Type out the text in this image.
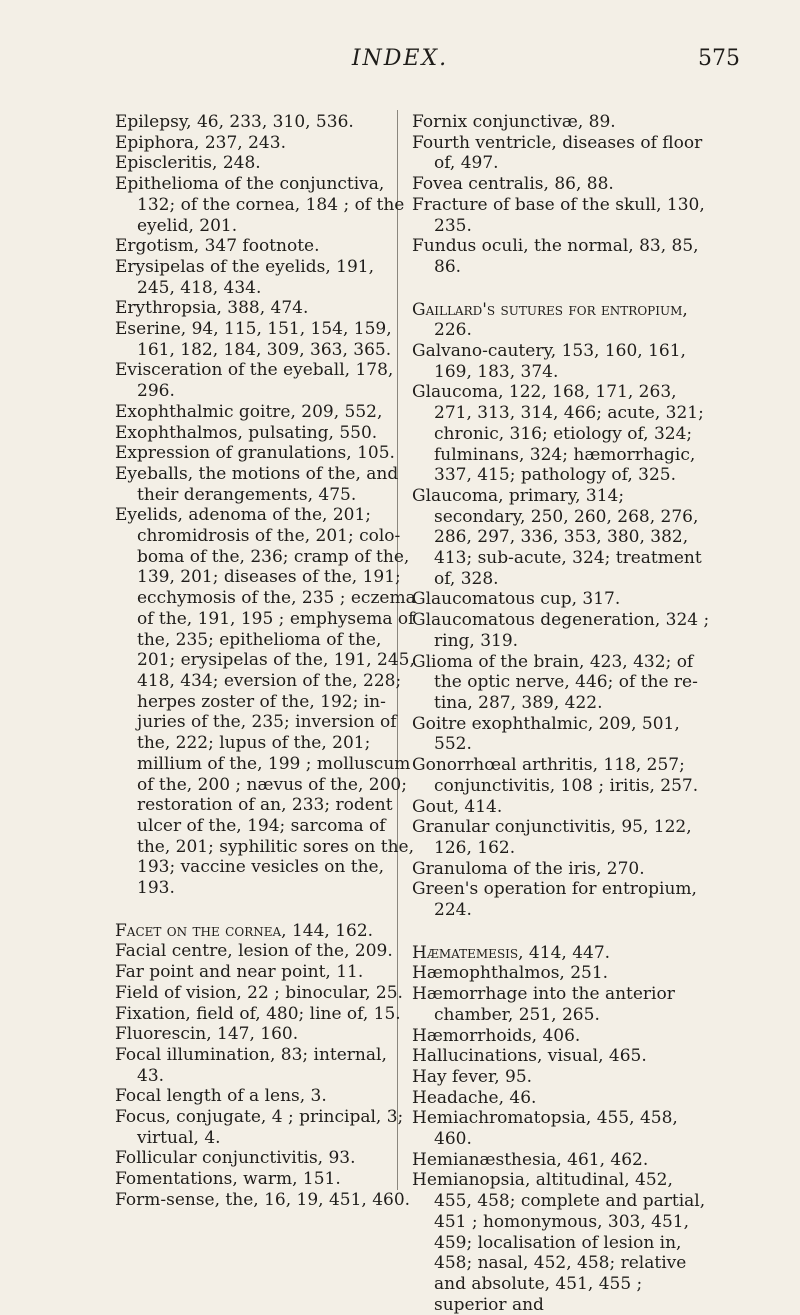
INDEX.	575
Epilepsy, 46, 233, 310, 536.
Epiphora, 237, 243.
Episcleritis, 248.
Epithelioma of the conjunctiva, 132; of the cornea, 184 ; of the eyelid, 201.
Ergotism, 347 footnote.
Erysipelas of the eyelids, 191, 245, 418, 434.
Erythropsia, 388, 474.
Eserine, 94, 115, 151, 154, 159, 161, 182, 184, 309, 363, 365.
Evisceration of the eyeball, 178, 296.
Exophthalmic goitre, 209, 552,
Exophthalmos, pulsating, 550.
Expression of granulations, 105.
Eyeballs, the motions of the, and their derangements, 475.
Eyelids, adenoma of the, 201; chromidrosis of the, 201; colo-boma of the, 236; cramp of the, 139, 201; diseases of the, 191; ecchymosis of the, 235 ; eczema of the, 191, 195 ; emphysema of the, 235; epithelioma of the, 201; erysipelas of the, 191, 245, 418, 434; eversion of the, 228; herpes zoster of the, 192; in-juries of the, 235; inversion of the, 222; lupus of the, 201; millium of the, 199 ; molluscum of the, 200 ; nævus of the, 200; restoration of an, 233; rodent ulcer of the, 194; sarcoma of the, 201; syphilitic sores on the, 193; vaccine vesicles on the, 193.
Facet on the cornea, 144, 162.
Facial centre, lesion of the, 209.
Far point and near point, 11.
Field of vision, 22 ; binocular, 25.
Fixation, field of, 480; line of, 15.
Fluorescin, 147, 160.
Focal illumination, 83; internal, 43.
Focal length of a lens, 3.
Focus, conjugate, 4 ; principal, 3; virtual, 4.
Follicular conjunctivitis, 93.
Fomentations, warm, 151.
Form-sense, the, 16, 19, 451, 460.
Fornix conjunctivæ, 89.
Fourth ventricle, diseases of floor of, 497.
Fovea centralis, 86, 88.
Fracture of base of the skull, 130, 235.
Fundus oculi, the normal, 83, 85, 86.
Gaillard's sutures for entropium, 226.
Galvano-cautery, 153, 160, 161, 169, 183, 374.
Glaucoma, 122, 168, 171, 263, 271, 313, 314, 466; acute, 321; chronic, 316; etiology of, 324; fulminans, 324; hæmorrhagic, 337, 415; pathology of, 325.
Glaucoma, primary, 314; secondary, 250, 260, 268, 276, 286, 297, 336, 353, 380, 382, 413; sub-acute, 324; treatment of, 328.
Glaucomatous cup, 317.
Glaucomatous degeneration, 324 ; ring, 319.
Glioma of the brain, 423, 432; of the optic nerve, 446; of the re-tina, 287, 389, 422.
Goitre exophthalmic, 209, 501, 552.
Gonorrhœal arthritis, 118, 257; conjunctivitis, 108 ; iritis, 257.
Gout, 414.
Granular conjunctivitis, 95, 122, 126, 162.
Granuloma of the iris, 270.
Green's operation for entropium, 224.
Hæmatemesis, 414, 447.
Hæmophthalmos, 251.
Hæmorrhage into the anterior chamber, 251, 265.
Hæmorrhoids, 406.
Hallucinations, visual, 465.
Hay fever, 95.
Headache, 46.
Hemiachromatopsia, 455, 458, 460.
Hemianæsthesia, 461, 462.
Hemianopsia, altitudinal, 452, 455, 458; complete and partial, 451 ; homonymous, 303, 451, 459; localisation of lesion in, 458; nasal, 452, 458; relative and absolute, 451, 455 ; superior and
